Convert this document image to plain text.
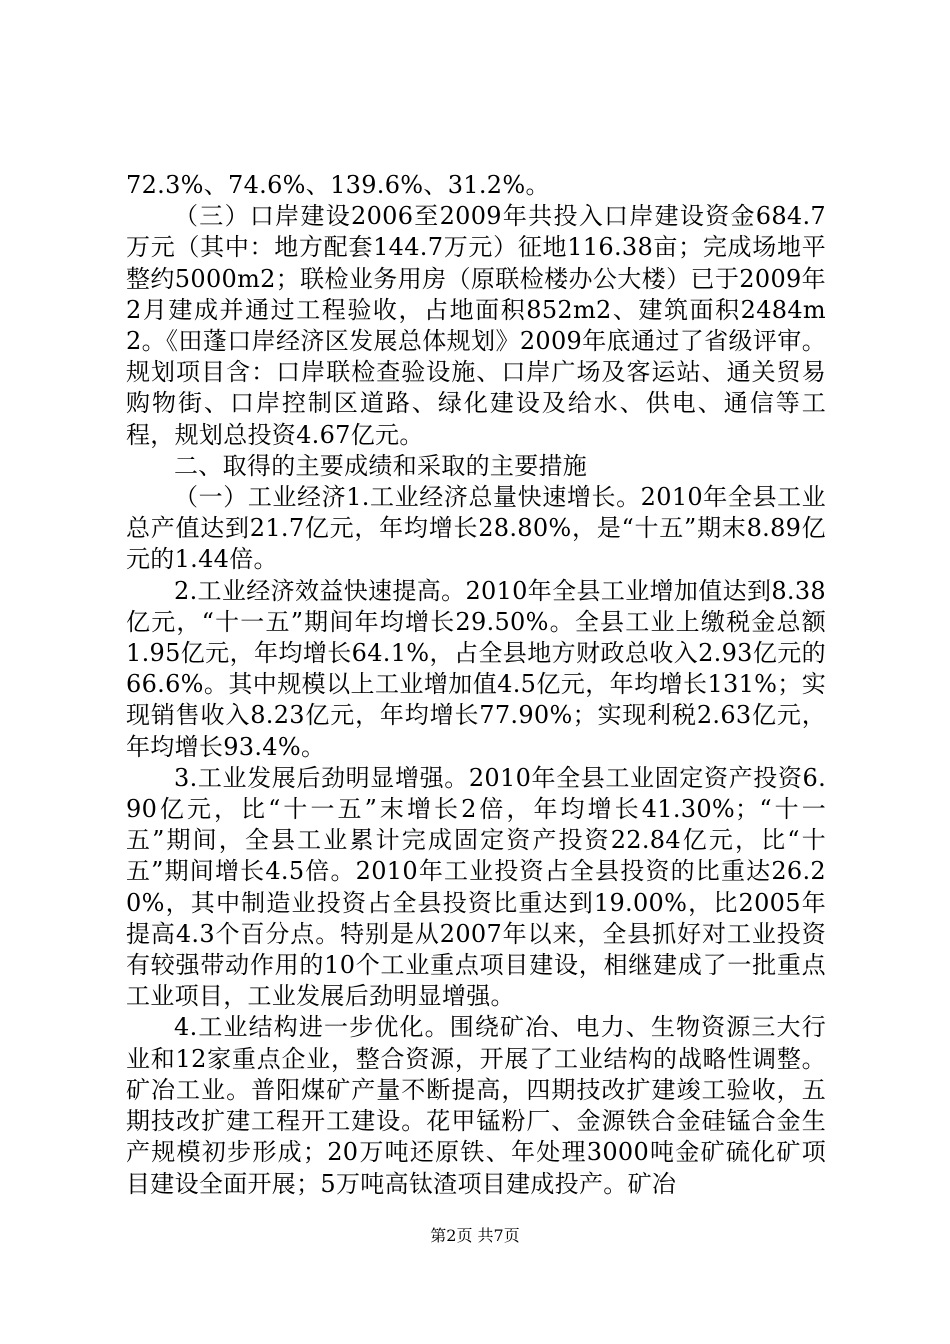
72.3%、74.6%、139.6%、31.2%。

（三）口岸建设2006至2009年共投入口岸建设资金684.7万元（其中：地方配套144.7万元）征地116.38亩；完成场地平整约5000m2；联检业务用房（原联检楼办公大楼）已于2009年2月建成并通过工程验收，占地面积852m2、建筑面积2484m2。《田蓬口岸经济区发展总体规划》2009年底通过了省级评审。规划项目含：口岸联检查验设施、口岸广场及客运站、通关贸易购物街、口岸控制区道路、绿化建设及给水、供电、通信等工程，规划总投资4.67亿元。

二、取得的主要成绩和采取的主要措施

（一）工业经济1.工业经济总量快速增长。2010年全县工业总产值达到21.7亿元，年均增长28.80%，是“十五”期末8.89亿元的1.44倍。

2.工业经济效益快速提高。2010年全县工业增加值达到8.38亿元，“十一五”期间年均增长29.50%。全县工业上缴税金总额1.95亿元，年均增长64.1%，占全县地方财政总收入2.93亿元的66.6%。其中规模以上工业增加值4.5亿元，年均增长131%；实现销售收入8.23亿元，年均增长77.90%；实现利税2.63亿元，年均增长93.4%。

3.工业发展后劲明显增强。2010年全县工业固定资产投资6.90亿元，比“十一五”末增长2倍，年均增长41.30%；“十一五”期间，全县工业累计完成固定资产投资22.84亿元，比“十五”期间增长4.5倍。2010年工业投资占全县投资的比重达26.20%，其中制造业投资占全县投资比重达到19.00%，比2005年提高4.3个百分点。特别是从2007年以来，全县抓好对工业投资有较强带动作用的10个工业重点项目建设，相继建成了一批重点工业项目，工业发展后劲明显增强。

4.工业结构进一步优化。围绕矿冶、电力、生物资源三大行业和12家重点企业，整合资源，开展了工业结构的战略性调整。矿冶工业。普阳煤矿产量不断提高，四期技改扩建竣工验收，五期技改扩建工程开工建设。花甲锰粉厂、金源铁合金硅锰合金生产规模初步形成；20万吨还原铁、年处理3000吨金矿硫化矿项目建设全面开展；5万吨高钛渣项目建成投产。矿冶

第2页 共7页
